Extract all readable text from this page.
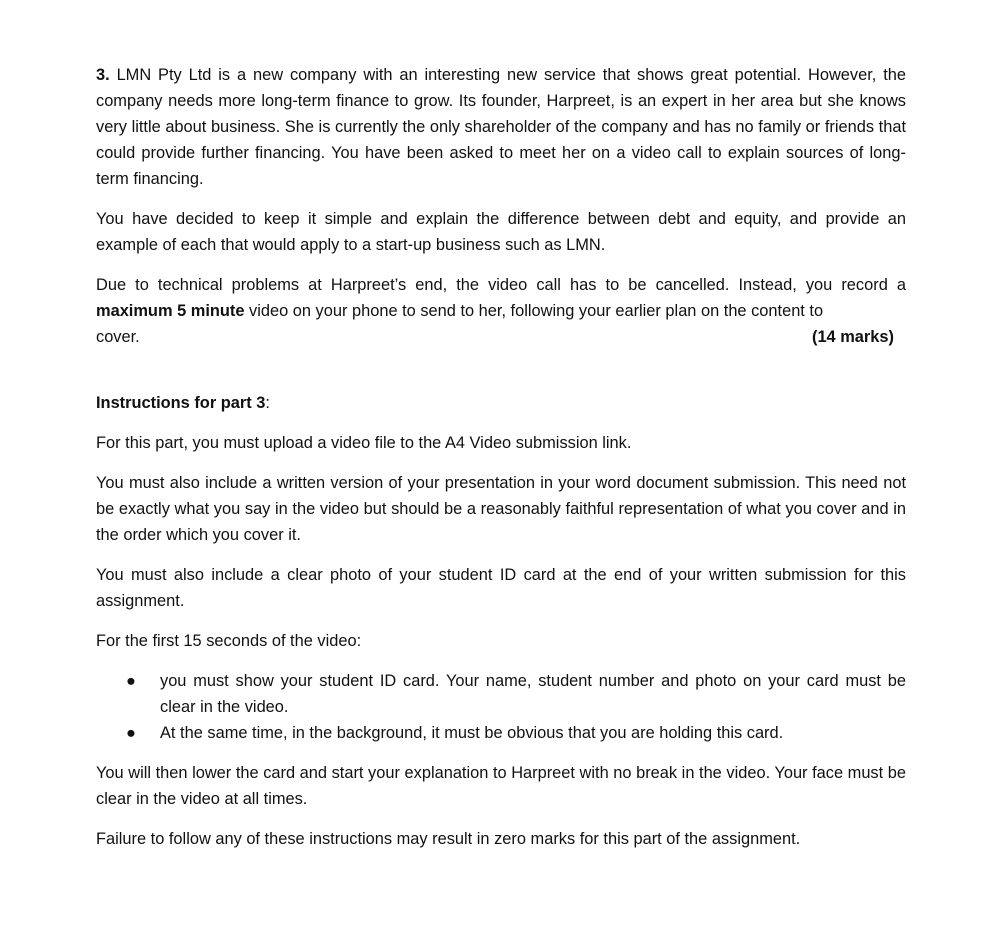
3. LMN Pty Ltd is a new company with an interesting new service that shows great potential. However, the company needs more long-term finance to grow. Its founder, Harpreet, is an expert in her area but she knows very little about business. She is currently the only shareholder of the company and has no family or friends that could provide further financing. You have been asked to meet her on a video call to explain sources of long-term financing.

You have decided to keep it simple and explain the difference between debt and equity, and provide an example of each that would apply to a start-up business such as LMN.

Due to technical problems at Harpreet’s end, the video call has to be cancelled. Instead, you record a maximum 5 minute video on your phone to send to her, following your earlier plan on the content to

cover.	(14 marks)

Instructions for part 3:

For this part, you must upload a video file to the A4 Video submission link.

You must also include a written version of your presentation in your word document submission. This need not be exactly what you say in the video but should be a reasonably faithful representation of what you cover and in the order which you cover it.

You must also include a clear photo of your student ID card at the end of your written submission for this assignment.

For the first 15 seconds of the video:

● you must show your student ID card. Your name, student number and photo on your card must be clear in the video.
● At the same time, in the background, it must be obvious that you are holding this card.

You will then lower the card and start your explanation to Harpreet with no break in the video. Your face must be clear in the video at all times.

Failure to follow any of these instructions may result in zero marks for this part of the assignment.
